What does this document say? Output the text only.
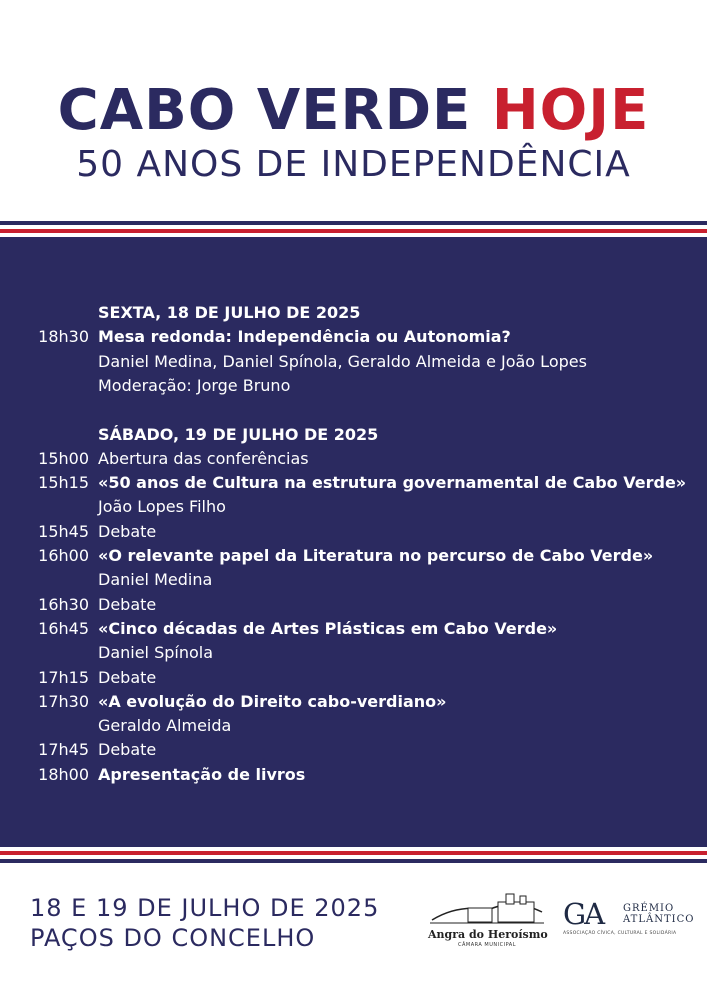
CABO VERDE HOJE
50 ANOS DE INDEPENDÊNCIA
SEXTA, 18 DE JULHO DE 2025
18h30 Mesa redonda: Independência ou Autonomia?
Daniel Medina, Daniel Spínola, Geraldo Almeida e João Lopes
Moderação: Jorge Bruno
SÁBADO, 19 DE JULHO DE 2025
15h00 Abertura das conferências
15h15 «50 anos de Cultura na estrutura governamental de Cabo Verde»
João Lopes Filho
15h45 Debate
16h00 «O relevante papel da Literatura no percurso de Cabo Verde»
Daniel Medina
16h30 Debate
16h45 «Cinco décadas de Artes Plásticas em Cabo Verde»
Daniel Spínola
17h15 Debate
17h30 «A evolução do Direito cabo-verdiano»
Geraldo Almeida
17h45 Debate
18h00 Apresentação de livros
18 E 19 DE JULHO DE 2025
PAÇOS DO CONCELHO	Angra do Heroísmo
CÂMARA MUNICIPAL
GA GRÉMIO
ATLÂNTICO
ASSOCIAÇÃO CÍVICA, CULTURAL E SOLIDÁRIA
